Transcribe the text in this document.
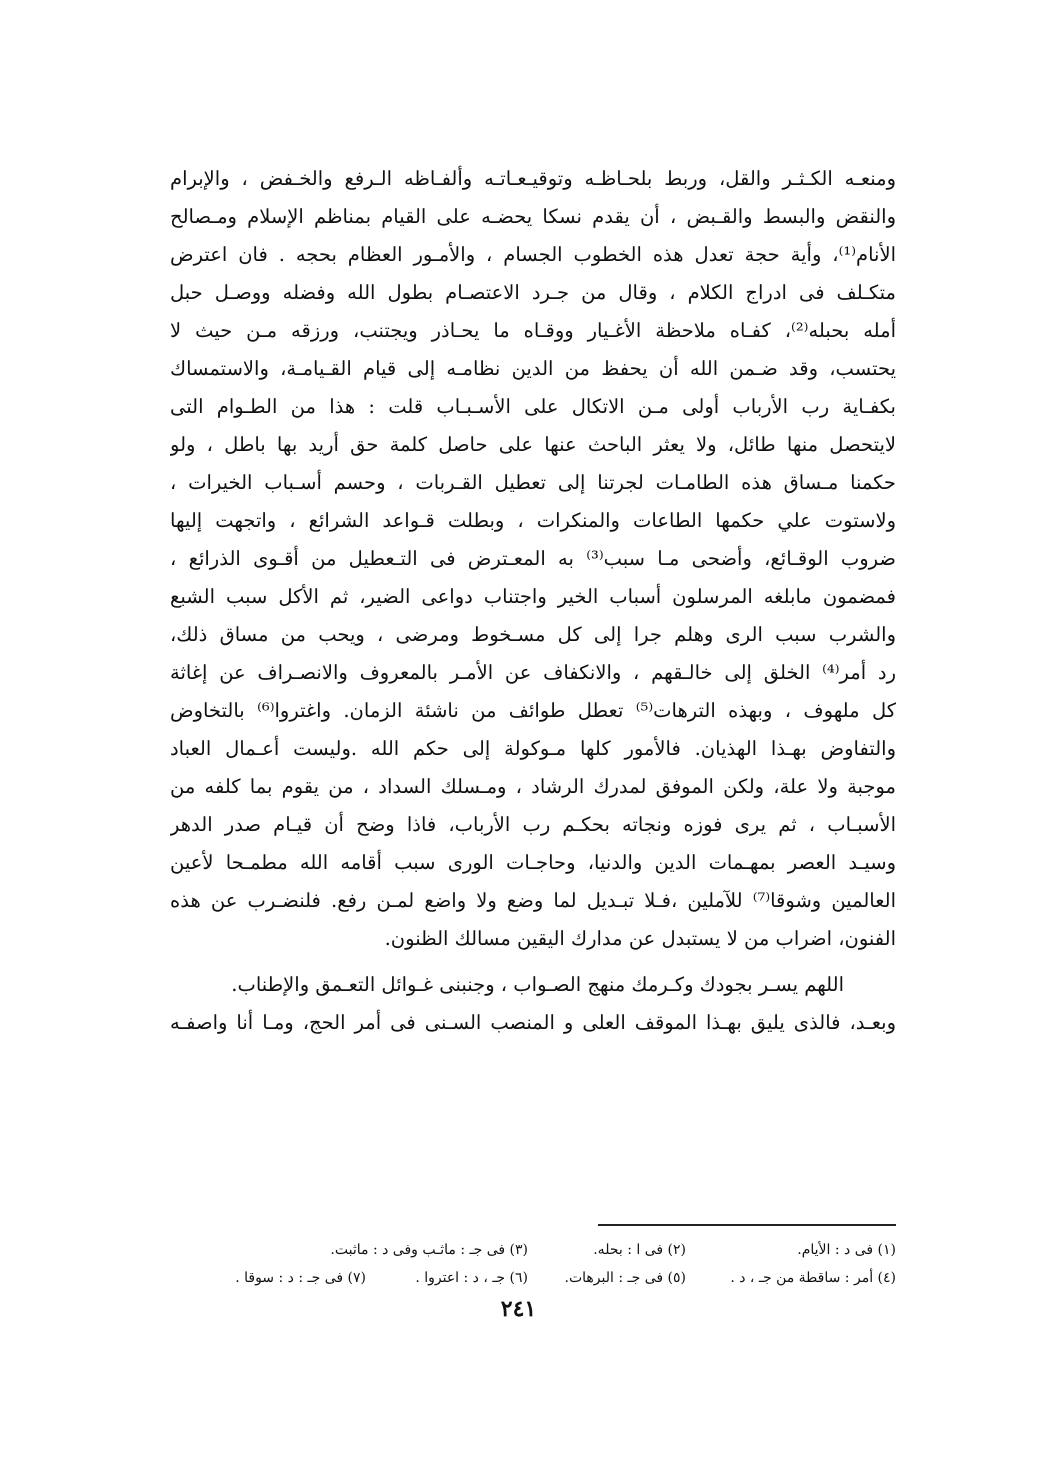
ومنعـه الكـثـر والقل، وربط بلحـاظـه وتوقيـعـاتـه وألفـاظه الـرفع والخـفض ، والإبرام
والنقض والبسط والقـبض ، أن يقدم نسكا يحضـه على القيام بمناظم الإسلام ومـصالح
الأنام⁽¹⁾، وأية حجة تعدل هذه الخطوب الجسام ، والأمـور العظام بحجه . فان اعترض
متكـلف فى ادراج الكلام ، وقال من جـرد الاعتصـام بطول الله وفضله ووصـل حبل
أمله بحبله⁽²⁾، كفـاه ملاحظة الأغـيار ووقـاه ما يحـاذر ويجتنب، ورزقه مـن حيث لا
يحتسب، وقد ضـمن الله أن يحفظ من الدين نظامـه إلى قيام القـيامـة، والاستمساك
بكفـاية رب الأرباب أولى مـن الاتكال على الأسـبـاب قلت : هذا من الطـوام التى
لايتحصل منها طائل، ولا يعثر الباحث عنها على حاصل كلمة حق أريد بها باطل ، ولو
حكمنا مـساق هذه الطامـات لجرتنا إلى تعطيل القـربات ، وحسم أسـباب الخيرات ،
ولاستوت علي حكمها الطاعات والمنكرات ، وبطلت قـواعد الشرائع ، واتجهت إليها
ضروب الوقـائع، وأضحى مـا سبب⁽³⁾ به المعـترض فى التـعطيل من أقـوى الذرائع ،
فمضمون مابلغه المرسلون أسباب الخير واجتناب دواعى الضير، ثم الأكل سبب الشبع
والشرب سبب الرى وهلم جرا إلى كل مسـخوط ومرضى ، ويحب من مساق ذلك،
رد أمر⁽⁴⁾ الخلق إلى خالـقهم ، والانكفاف عن الأمـر بالمعروف والانصـراف عن إغاثة
كل ملهوف ، وبهذه الترهات⁽⁵⁾ تعطل طوائف من ناشئة الزمان. واغتروا⁽⁶⁾ بالتخاوض
والتفاوض بهـذا الهذيان. فالأمور كلها مـوكولة إلى حكم الله .وليست أعـمال العباد
موجبة ولا علة، ولكن الموفق لمدرك الرشاد ، ومـسلك السداد ، من يقوم بما كلفه من
الأسبـاب ، ثم يرى فوزه ونجاته بحكـم رب الأرباب، فاذا وضح أن قيـام صدر الدهر
وسيـد العصر بمهـمات الدين والدنيا، وحاجـات الورى سبب أقامه الله مطمـحا لأعين
العالمين وشوقا⁽⁷⁾ للآملين ،فـلا تبـديل لما وضع ولا واضع لمـن رفع. فلنضـرب عن هذه
الفنون، اضراب من لا يستبدل عن مدارك اليقين مسالك الظنون.
اللهم يسـر بجودك وكـرمك منهج الصـواب ، وجنبنى غـوائل التعـمق والإطناب.
وبعـد، فالذى يليق بهـذا الموقف العلى و المنصب السـنى فى أمر الحج، ومـا أنا واصفـه
(١) فى د : الأيام.
(٢) فى ا : بحله.
(٣) فى جـ : ماثـب وفى د : ماثبت.
(٤) أمر : ساقطة من جـ ، د .
(٥) فى جـ : البرهات.
(٦) جـ ، د : اعتروا .
(٧) فى جـ : د : سوقا .
٢٤١
